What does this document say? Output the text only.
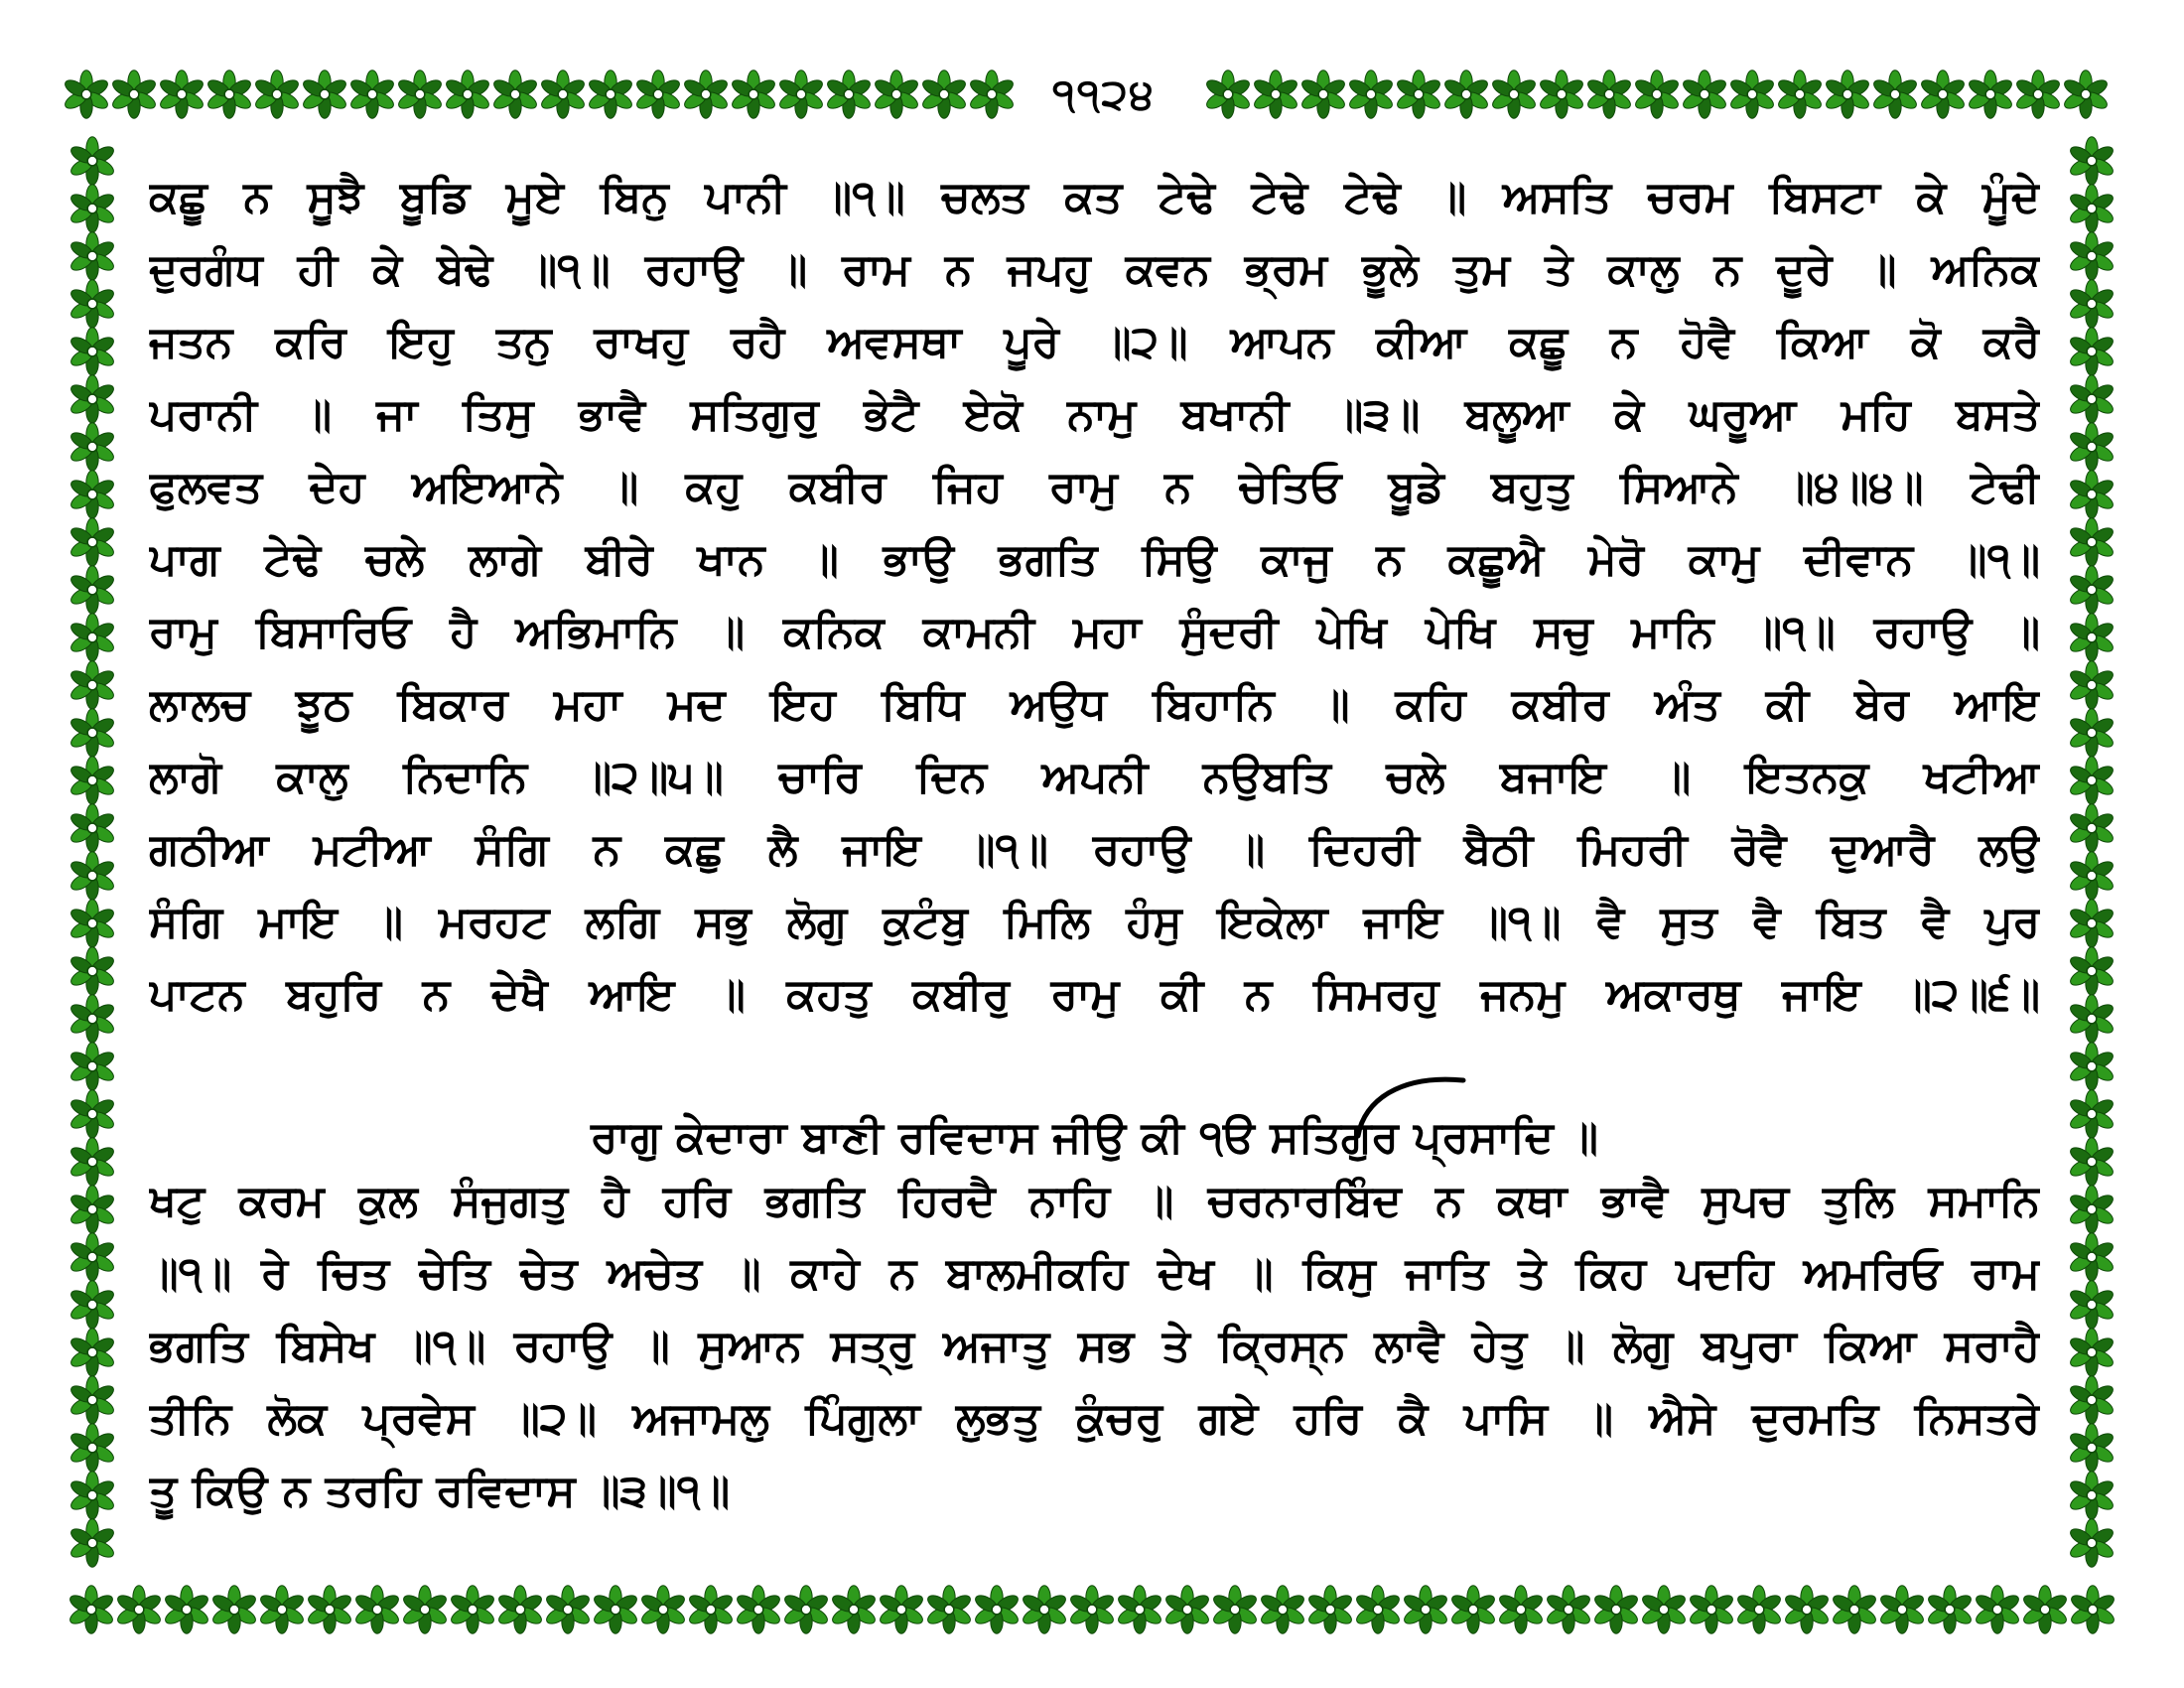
੧੧੨੪
ਕਛੂ ਨ ਸੂਝੈ ਬੂਡਿ ਮੂਏ ਬਿਨੁ ਪਾਨੀ ॥੧॥ ਚਲਤ ਕਤ ਟੇਢੇ ਟੇਢੇ ਟੇਢੇ ॥ ਅਸਤਿ ਚਰਮ ਬਿਸਟਾ ਕੇ ਮੂੰਦੇ
ਦੁਰਗੰਧ ਹੀ ਕੇ ਬੇਢੇ ॥੧॥ ਰਹਾਉ ॥ ਰਾਮ ਨ ਜਪਹੁ ਕਵਨ ਭ੍ਰਮ ਭੂਲੇ ਤੁਮ ਤੇ ਕਾਲੁ ਨ ਦੂਰੇ ॥ ਅਨਿਕ
ਜਤਨ ਕਰਿ ਇਹੁ ਤਨੁ ਰਾਖਹੁ ਰਹੈ ਅਵਸਥਾ ਪੂਰੇ ॥੨॥ ਆਪਨ ਕੀਆ ਕਛੂ ਨ ਹੋਵੈ ਕਿਆ ਕੋ ਕਰੈ
ਪਰਾਨੀ ॥ ਜਾ ਤਿਸੁ ਭਾਵੈ ਸਤਿਗੁਰੁ ਭੇਟੈ ਏਕੋ ਨਾਮੁ ਬਖਾਨੀ ॥੩॥ ਬਲੂਆ ਕੇ ਘਰੂਆ ਮਹਿ ਬਸਤੇ
ਫੁਲਵਤ ਦੇਹ ਅਇਆਨੇ ॥ ਕਹੁ ਕਬੀਰ ਜਿਹ ਰਾਮੁ ਨ ਚੇਤਿਓ ਬੂਡੇ ਬਹੁਤੁ ਸਿਆਨੇ ॥੪॥੪॥ ਟੇਢੀ
ਪਾਗ ਟੇਢੇ ਚਲੇ ਲਾਗੇ ਬੀਰੇ ਖਾਨ ॥ ਭਾਉ ਭਗਤਿ ਸਿਉ ਕਾਜੁ ਨ ਕਛੂਐ ਮੇਰੋ ਕਾਮੁ ਦੀਵਾਨ ॥੧॥
ਰਾਮੁ ਬਿਸਾਰਿਓ ਹੈ ਅਭਿਮਾਨਿ ॥ ਕਨਿਕ ਕਾਮਨੀ ਮਹਾ ਸੁੰਦਰੀ ਪੇਖਿ ਪੇਖਿ ਸਚੁ ਮਾਨਿ ॥੧॥ ਰਹਾਉ ॥
ਲਾਲਚ ਝੂਠ ਬਿਕਾਰ ਮਹਾ ਮਦ ਇਹ ਬਿਧਿ ਅਉਧ ਬਿਹਾਨਿ ॥ ਕਹਿ ਕਬੀਰ ਅੰਤ ਕੀ ਬੇਰ ਆਇ
ਲਾਗੋ ਕਾਲੁ ਨਿਦਾਨਿ ॥੨॥੫॥ ਚਾਰਿ ਦਿਨ ਅਪਨੀ ਨਉਬਤਿ ਚਲੇ ਬਜਾਇ ॥ ਇਤਨਕੁ ਖਟੀਆ
ਗਠੀਆ ਮਟੀਆ ਸੰਗਿ ਨ ਕਛੁ ਲੈ ਜਾਇ ॥੧॥ ਰਹਾਉ ॥ ਦਿਹਰੀ ਬੈਠੀ ਮਿਹਰੀ ਰੋਵੈ ਦੁਆਰੈ ਲਉ
ਸੰਗਿ ਮਾਇ ॥ ਮਰਹਟ ਲਗਿ ਸਭੁ ਲੋਗੁ ਕੁਟੰਬੁ ਮਿਲਿ ਹੰਸੁ ਇਕੇਲਾ ਜਾਇ ॥੧॥ ਵੈ ਸੁਤ ਵੈ ਬਿਤ ਵੈ ਪੁਰ
ਪਾਟਨ ਬਹੁਰਿ ਨ ਦੇਖੈ ਆਇ ॥ ਕਹਤੁ ਕਬੀਰੁ ਰਾਮੁ ਕੀ ਨ ਸਿਮਰਹੁ ਜਨਮੁ ਅਕਾਰਥੁ ਜਾਇ ॥੨॥੬॥
ਰਾਗੁ ਕੇਦਾਰਾ ਬਾਣੀ ਰਵਿਦਾਸ ਜੀਉ ਕੀ ੧ੳ ਸਤਿਗੁਰ ਪ੍ਰਸਾਦਿ ॥
ਖਟੁ ਕਰਮ ਕੁਲ ਸੰਜੁਗਤੁ ਹੈ ਹਰਿ ਭਗਤਿ ਹਿਰਦੈ ਨਾਹਿ ॥ ਚਰਨਾਰਬਿੰਦ ਨ ਕਥਾ ਭਾਵੈ ਸੁਪਚ ਤੁਲਿ ਸਮਾਨਿ
॥੧॥ ਰੇ ਚਿਤ ਚੇਤਿ ਚੇਤ ਅਚੇਤ ॥ ਕਾਹੇ ਨ ਬਾਲਮੀਕਹਿ ਦੇਖ ॥ ਕਿਸੁ ਜਾਤਿ ਤੇ ਕਿਹ ਪਦਹਿ ਅਮਰਿਓ ਰਾਮ
ਭਗਤਿ ਬਿਸੇਖ ॥੧॥ ਰਹਾਉ ॥ ਸੁਆਨ ਸਤ੍ਰੁ ਅਜਾਤੁ ਸਭ ਤੇ ਕ੍ਰਿਸ੍ਨ ਲਾਵੈ ਹੇਤੁ ॥ ਲੋਗੁ ਬਪੁਰਾ ਕਿਆ ਸਰਾਹੈ
ਤੀਨਿ ਲੋਕ ਪ੍ਰਵੇਸ ॥੨॥ ਅਜਾਮਲੁ ਪਿੰਗੁਲਾ ਲੁਭਤੁ ਕੁੰਚਰੁ ਗਏ ਹਰਿ ਕੈ ਪਾਸਿ ॥ ਐਸੇ ਦੁਰਮਤਿ ਨਿਸਤਰੇ
ਤੂ ਕਿਉ ਨ ਤਰਹਿ ਰਵਿਦਾਸ ॥੩॥੧॥
